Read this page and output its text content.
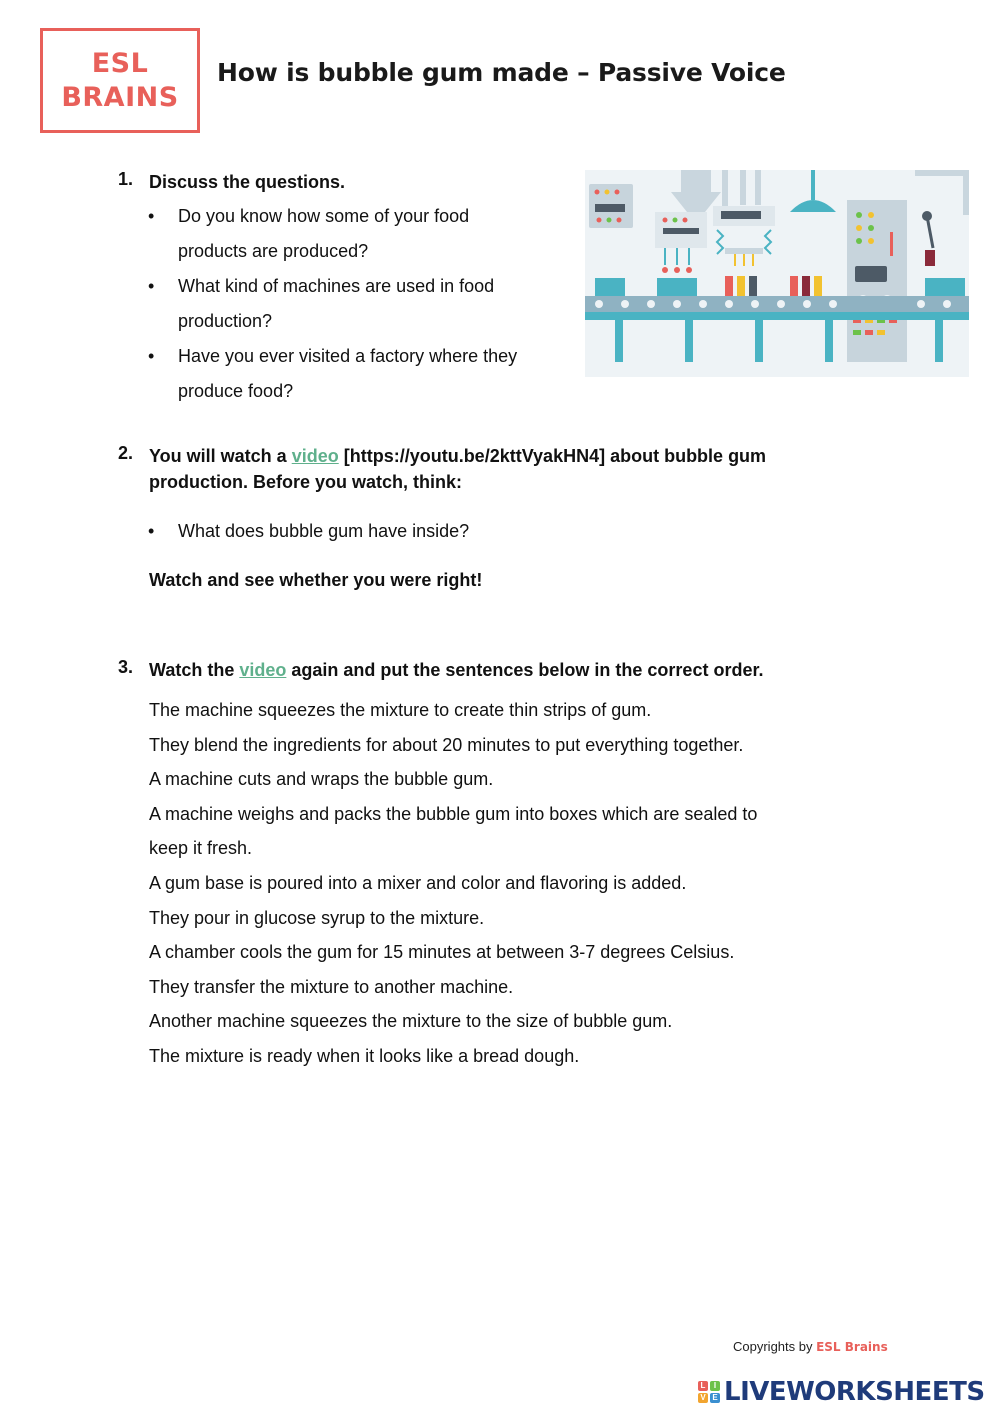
ESL
BRAINS
How is bubble gum made – Passive Voice
1. Discuss the questions.
• Do you know how some of your food
products are produced?
• What kind of machines are used in food
production?
• Have you ever visited a factory where they
produce food?
2. You will watch a video [https://youtu.be/2kttVyakHN4] about bubble gum
production. Before you watch, think:
• What does bubble gum have inside?
Watch and see whether you were right!
3. Watch the video again and put the sentences below in the correct order.
The machine squeezes the mixture to create thin strips of gum.
They blend the ingredients for about 20 minutes to put everything together.
A machine cuts and wraps the bubble gum.
A machine weighs and packs the bubble gum into boxes which are sealed to
keep it fresh.
A gum base is poured into a mixer and color and flavoring is added.
They pour in glucose syrup to the mixture.
A chamber cools the gum for 15 minutes at between 3-7 degrees Celsius.
They transfer the mixture to another machine.
Another machine squeezes the mixture to the size of bubble gum.
The mixture is ready when it looks like a bread dough.
Copyrights by ESL Brains
L	I
V E LIVEWORKSHEETS
